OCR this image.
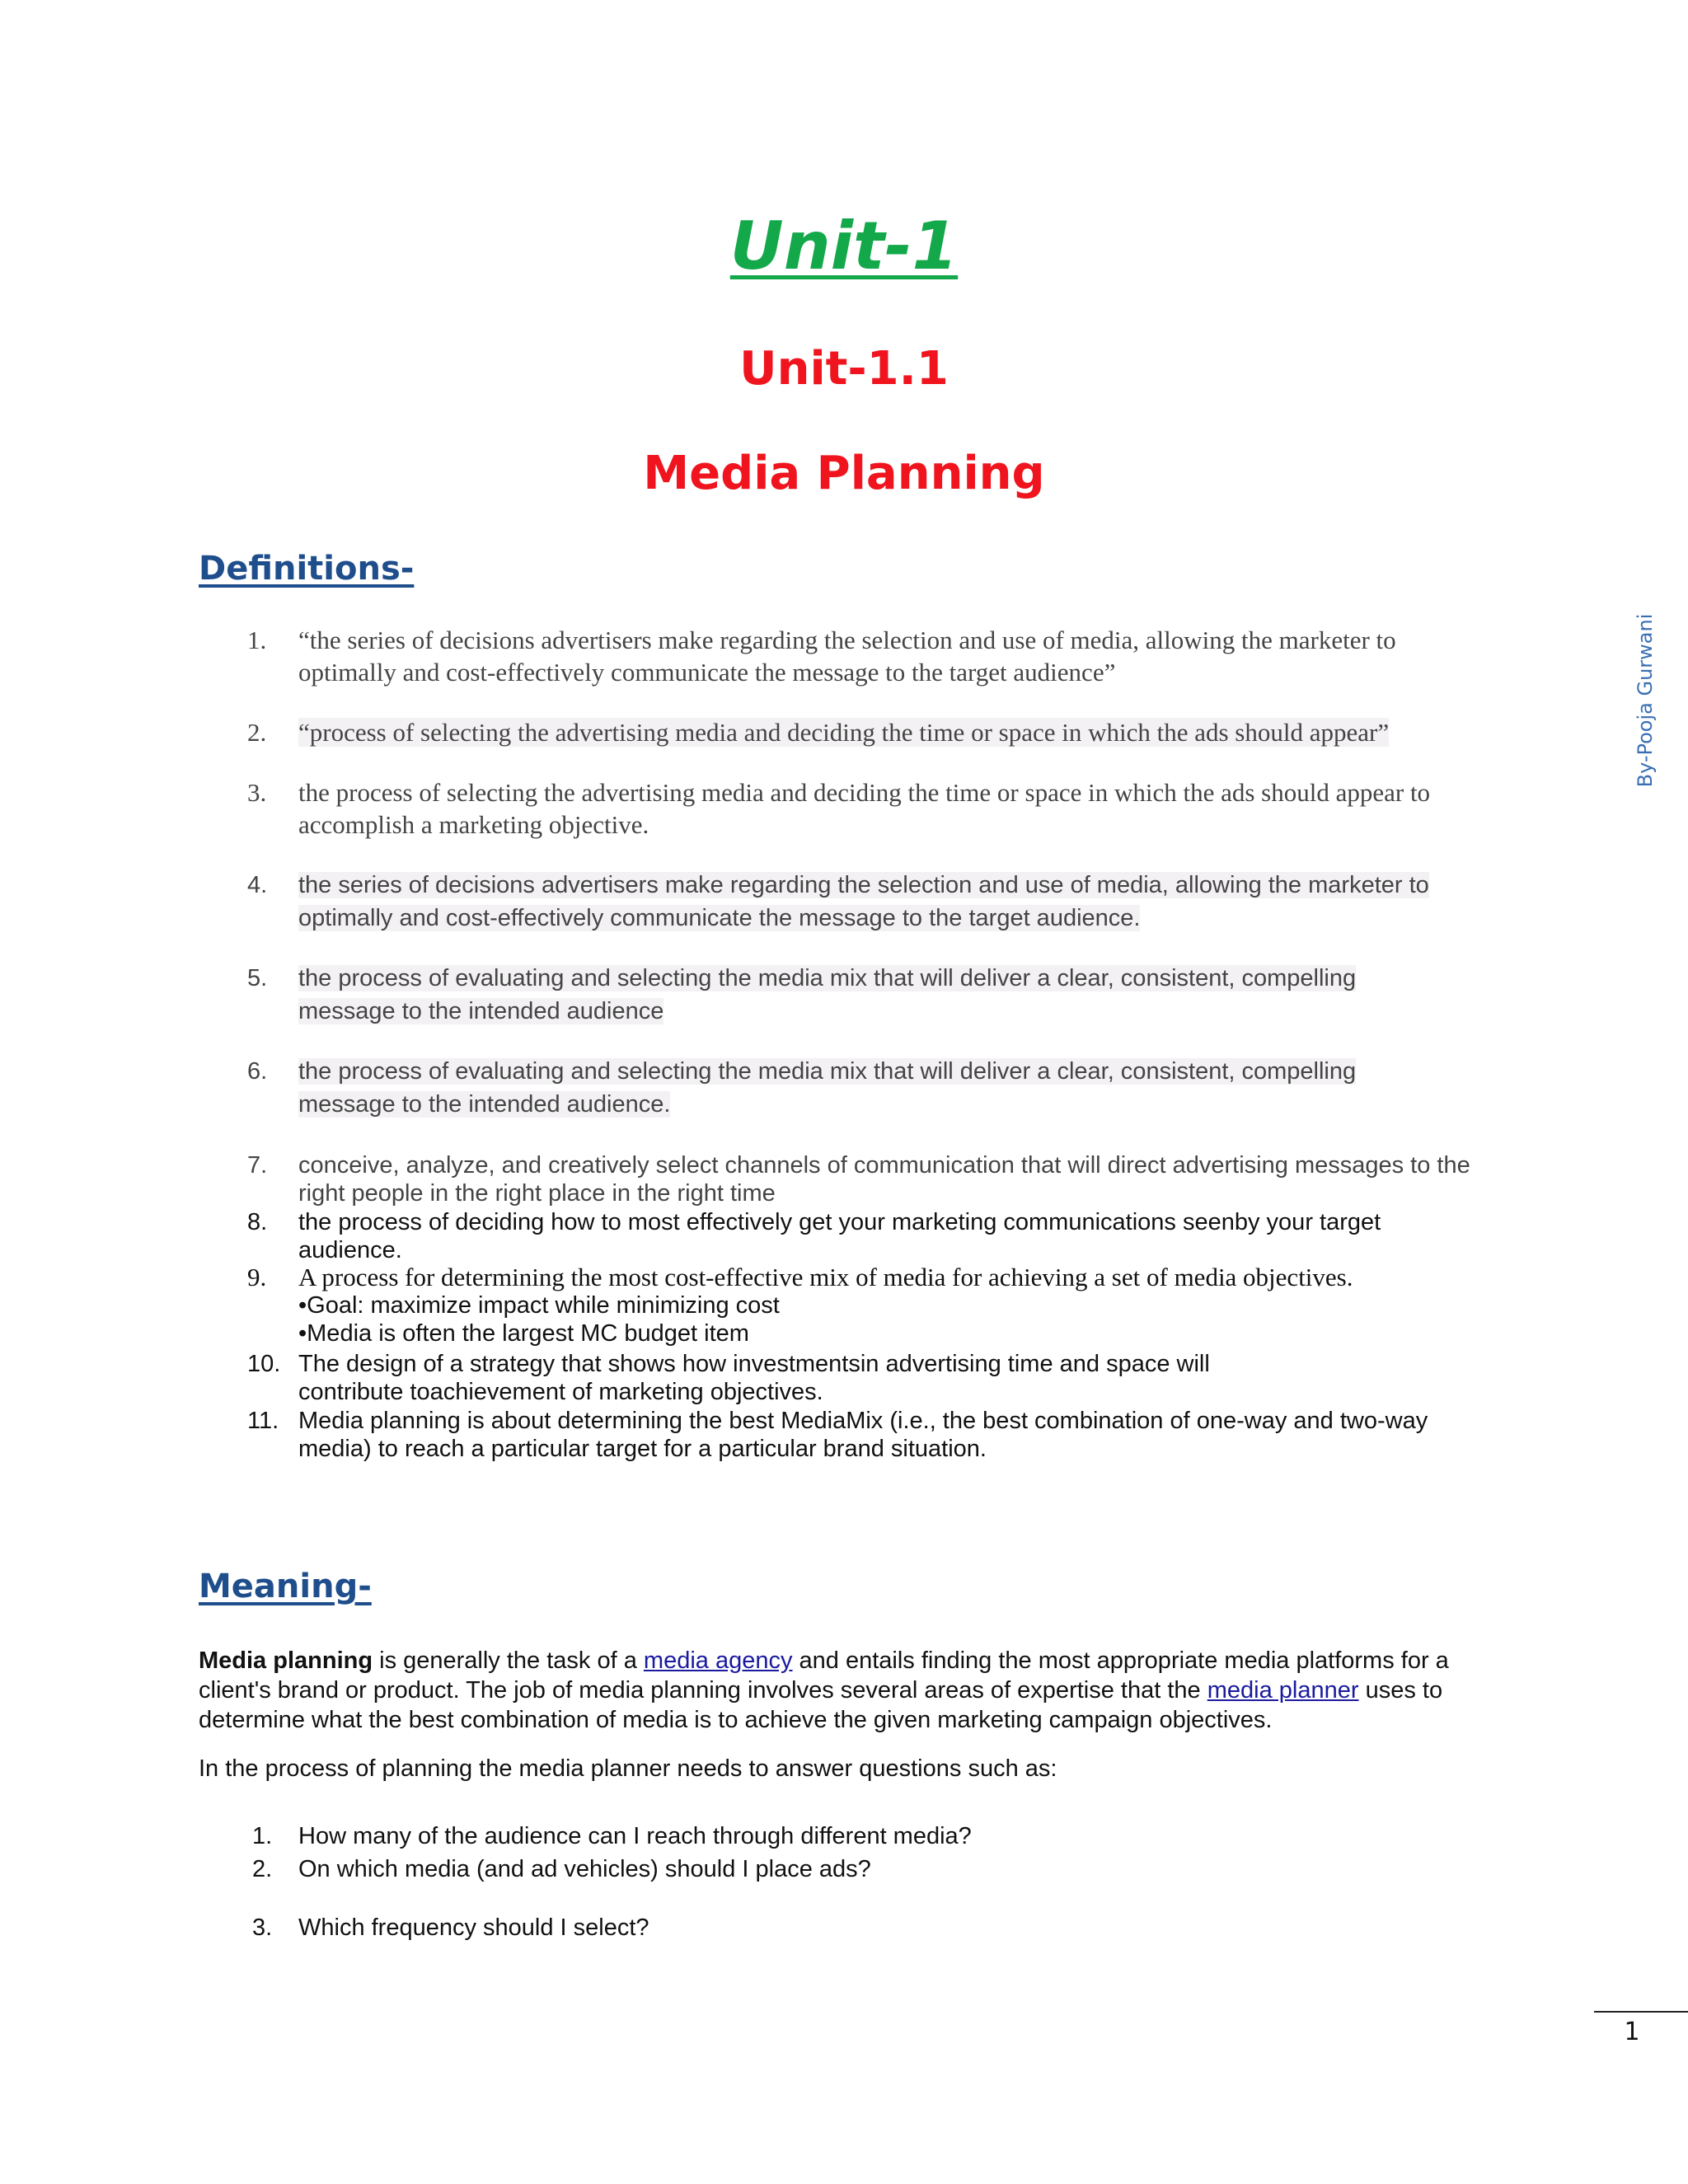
Unit-1
Unit-1.1
Media Planning
By-Pooja Gurwani
Definitions-
1.	“the series of decisions advertisers make regarding the selection and use of media, allowing the marketer to optimally and cost-effectively communicate the message to the target audience”
2.	“process of selecting the advertising media and deciding the time or space in which the ads should appear”
3.	the process of selecting the advertising media and deciding the time or space in which the ads should appear to accomplish a marketing objective.
4.	the series of decisions advertisers make regarding the selection and use of media, allowing the marketer to optimally and cost-effectively communicate the message to the target audience.
5.	the process of evaluating and selecting the media mix that will deliver a clear, consistent, compelling message to the intended audience
6.	the process of evaluating and selecting the media mix that will deliver a clear, consistent, compelling message to the intended audience.
7.	conceive, analyze, and creatively select channels of communication that will direct advertising messages to the right people in the right place in the right time
8.	the process of deciding how to most effectively get your marketing communications seenby your target audience.
9.	A process for determining the most cost-effective mix of media for achieving a set of media objectives.
•Goal: maximize impact while minimizing cost
•Media is often the largest MC budget item
10. The design of a strategy that shows how investmentsin advertising time and space will
contribute toachievement of marketing objectives.
11. Media planning is about determining the best MediaMix (i.e., the best combination of one-way and two-way media) to reach a particular target for a particular brand situation.
Meaning-
Media planning is generally the task of a media agency and entails finding the most appropriate media platforms for a client's brand or product. The job of media planning involves several areas of expertise that the media planner uses to determine what the best combination of media is to achieve the given marketing campaign objectives.
In the process of planning the media planner needs to answer questions such as:
1. How many of the audience can I reach through different media?
2. On which media (and ad vehicles) should I place ads?
3. Which frequency should I select?
1
